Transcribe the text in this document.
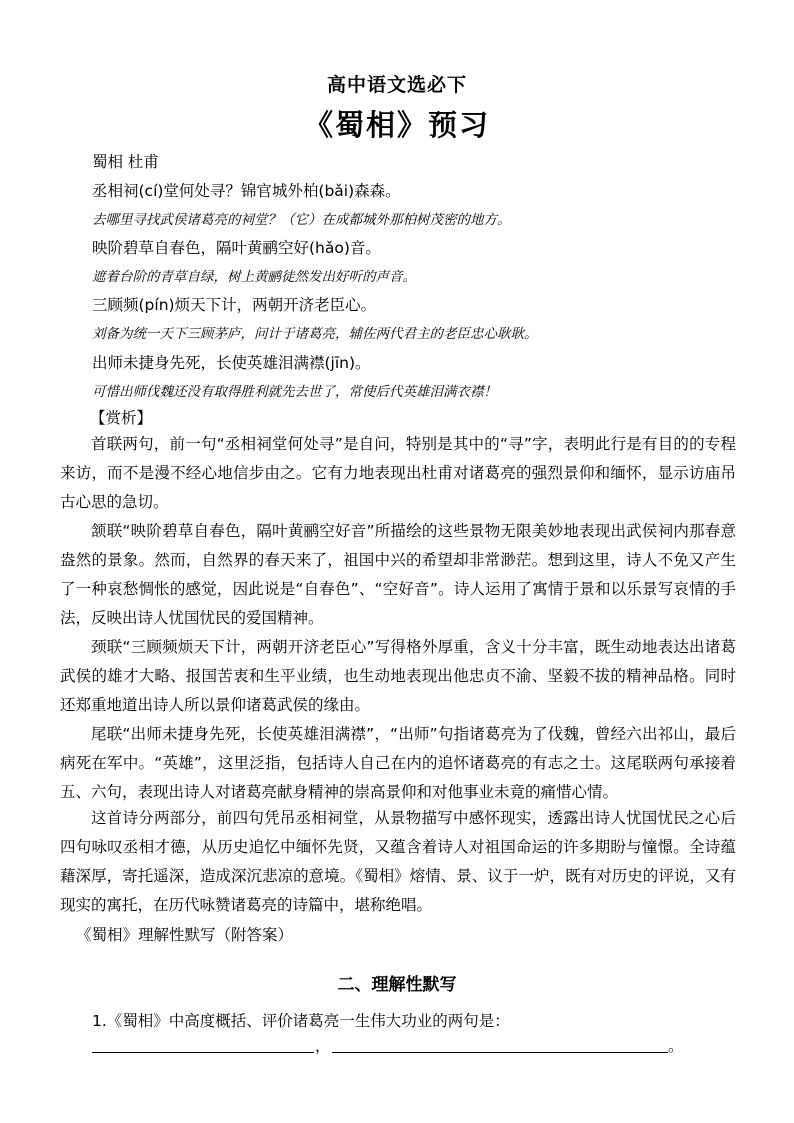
高中语文选必下
《蜀相》预习
蜀相 杜甫
丞相祠(cí)堂何处寻？锦官城外柏(bǎi)森森。
去哪里寻找武侯诸葛亮的祠堂？（它）在成都城外那柏树茂密的地方。
映阶碧草自春色，隔叶黄鹂空好(hǎo)音。
遮着台阶的青草自绿，树上黄鹂徒然发出好听的声音。
三顾频(pín)烦天下计，两朝开济老臣心。
刘备为统一天下三顾茅庐，问计于诸葛亮，辅佐两代君主的老臣忠心耿耿。
出师未捷身先死，长使英雄泪满襟(jīn)。
可惜出师伐魏还没有取得胜利就先去世了，常使后代英雄泪满衣襟！
【赏析】

首联两句，前一句“丞相祠堂何处寻”是自问，特别是其中的“寻”字，表明此行是有目的的专程来访，而不是漫不经心地信步由之。它有力地表现出杜甫对诸葛亮的强烈景仰和缅怀，显示访庙吊古心思的急切。

颔联“映阶碧草自春色，隔叶黄鹂空好音”所描绘的这些景物无限美妙地表现出武侯祠内那春意盎然的景象。然而，自然界的春天来了，祖国中兴的希望却非常渺茫。想到这里，诗人不免又产生了一种哀愁惆怅的感觉，因此说是“自春色”、“空好音”。诗人运用了寓情于景和以乐景写哀情的手法，反映出诗人忧国忧民的爱国精神。

颈联“三顾频烦天下计，两朝开济老臣心”写得格外厚重，含义十分丰富，既生动地表达出诸葛武侯的雄才大略、报国苦衷和生平业绩，也生动地表现出他忠贞不渝、坚毅不拔的精神品格。同时还郑重地道出诗人所以景仰诸葛武侯的缘由。

尾联“出师未捷身先死，长使英雄泪满襟”，“出师”句指诸葛亮为了伐魏，曾经六出祁山，最后病死在军中。“英雄”，这里泛指，包括诗人自己在内的追怀诸葛亮的有志之士。这尾联两句承接着五、六句，表现出诗人对诸葛亮献身精神的崇高景仰和对他事业未竟的痛惜心情。

这首诗分两部分，前四句凭吊丞相祠堂，从景物描写中感怀现实，透露出诗人忧国忧民之心后四句咏叹丞相才德，从历史追忆中缅怀先贤，又蕴含着诗人对祖国命运的许多期盼与憧憬。全诗蕴藉深厚，寄托遥深，造成深沉悲凉的意境。《蜀相》熔情、景、议于一炉，既有对历史的评说，又有现实的寓托，在历代咏赞诸葛亮的诗篇中，堪称绝唱。

《蜀相》理解性默写（附答案）
二、理解性默写
1.《蜀相》中高度概括、评价诸葛亮一生伟大功业的两句是：
，	。
